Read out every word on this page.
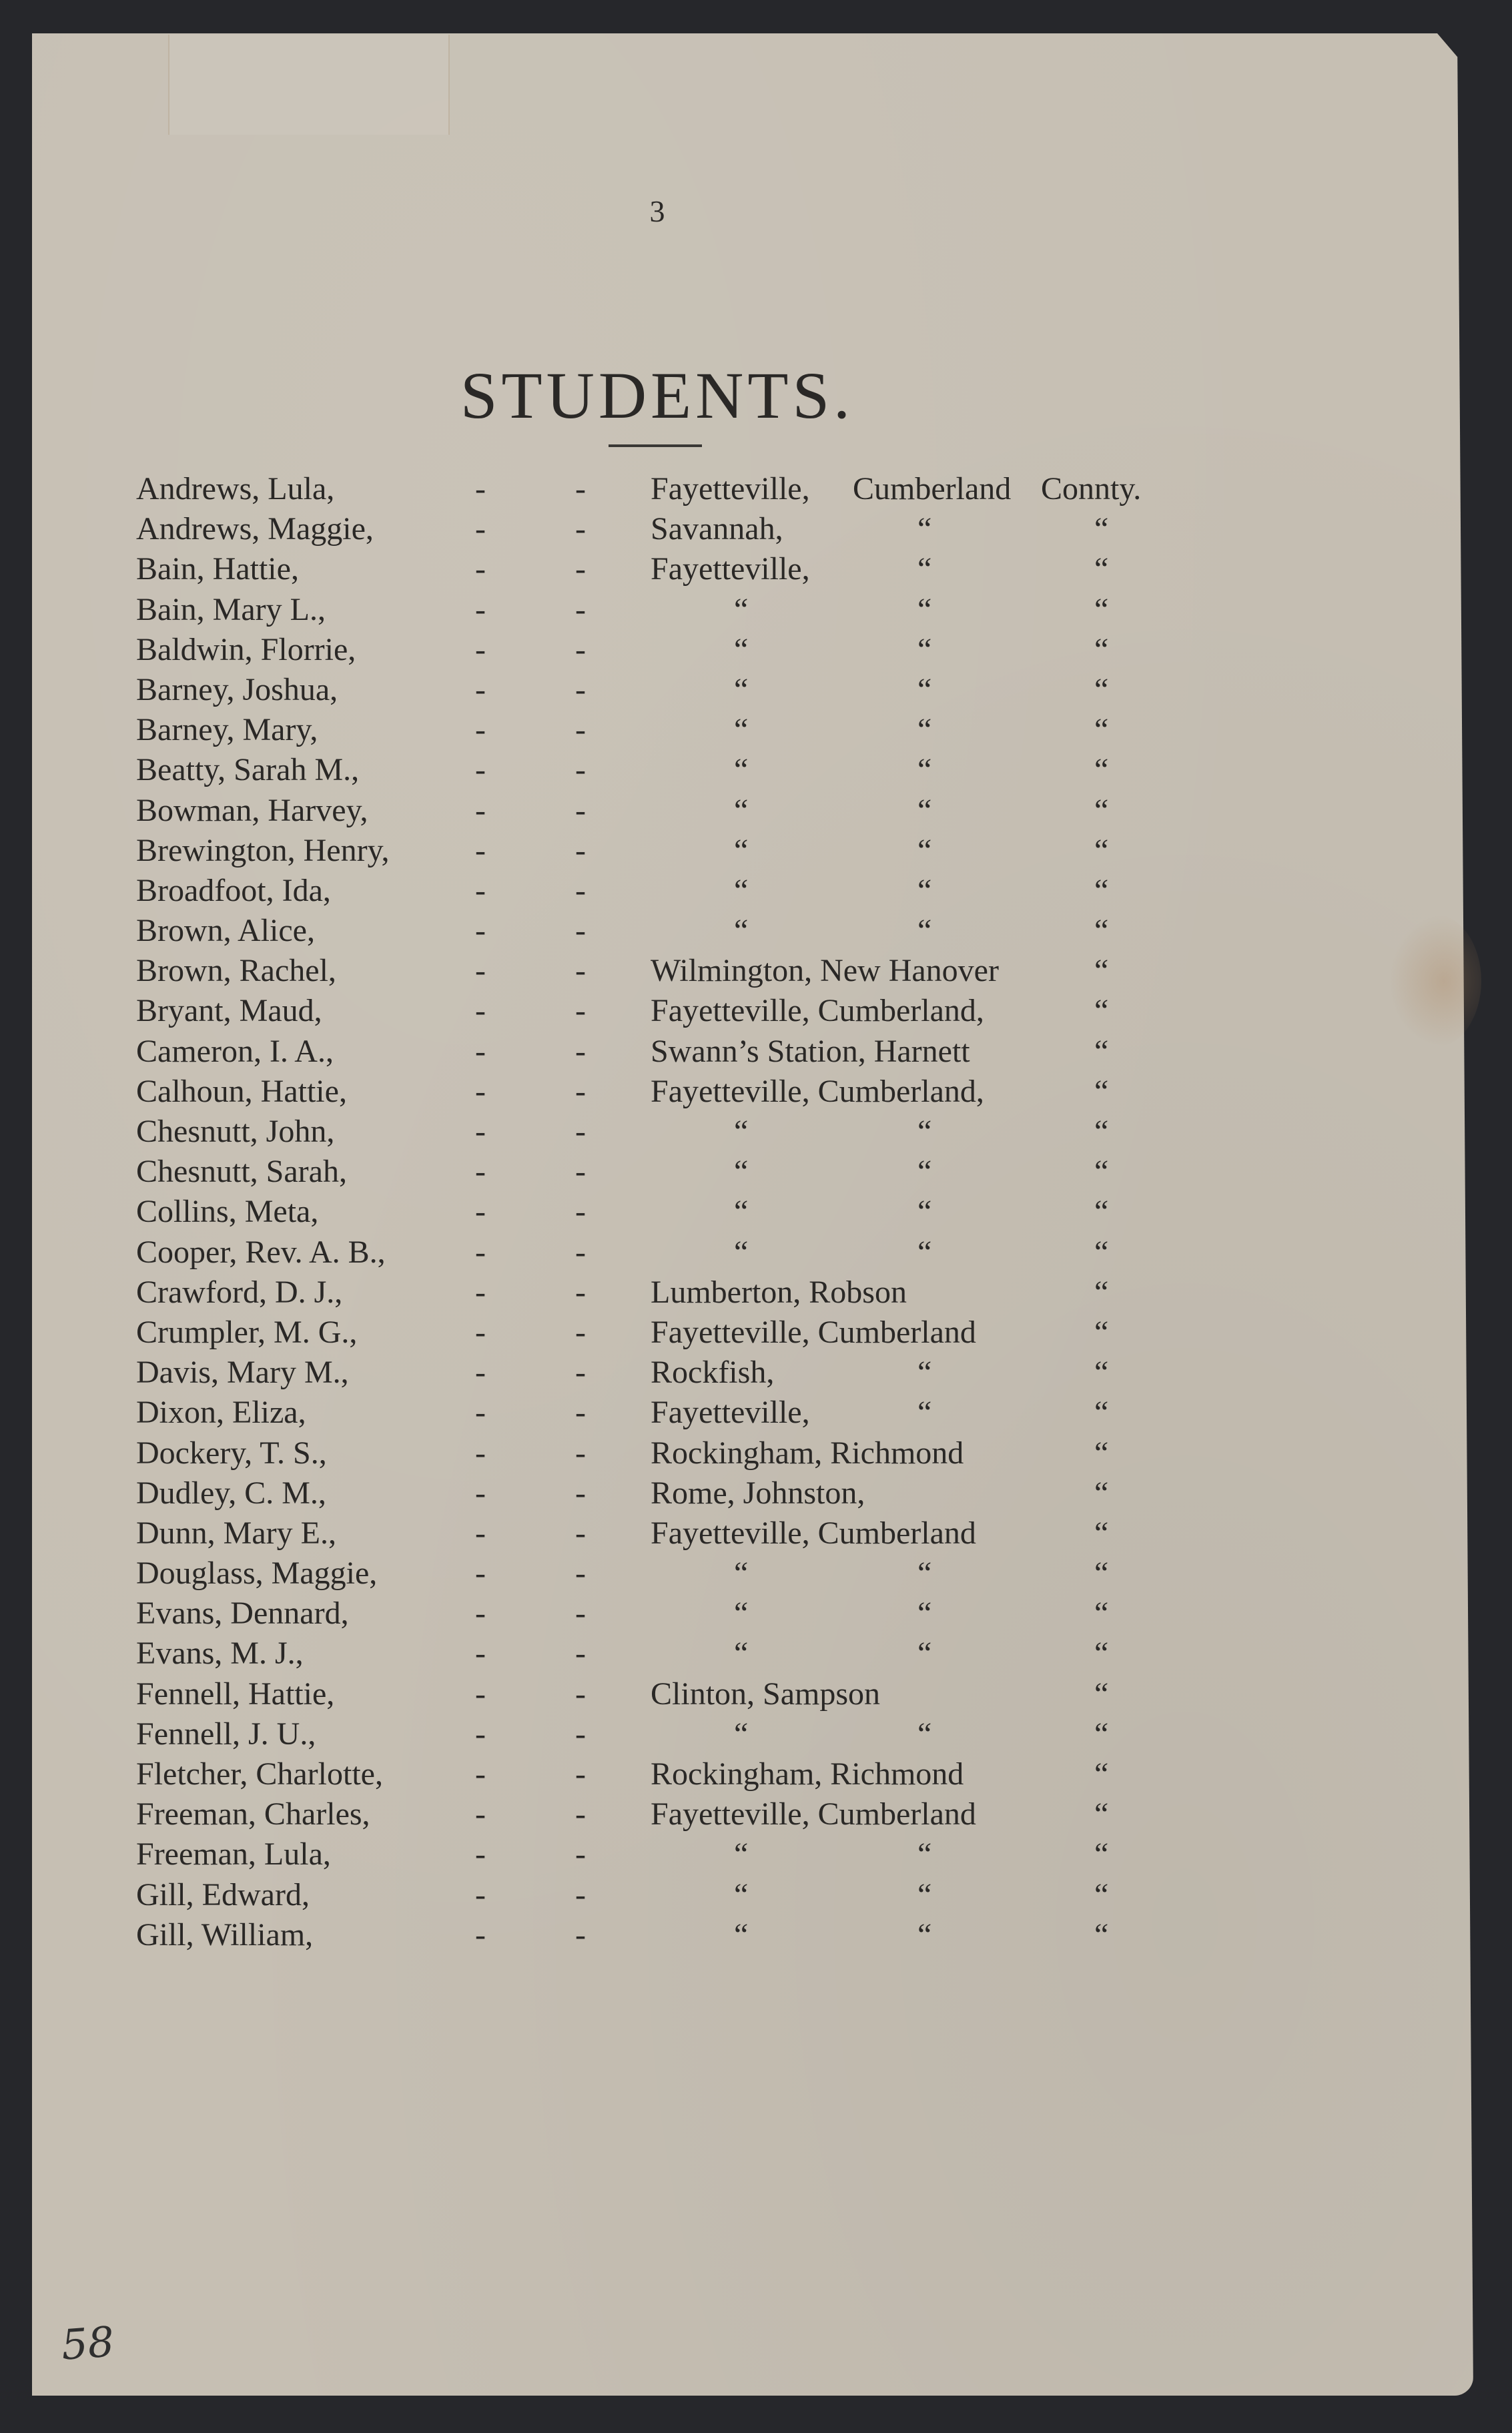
3
STUDENTS.
Andrews, Lula,	-	- Fayetteville, Cumberland Connty.
Andrews, Maggie,	-	- Savannah,	“	“
Bain, Hattie,	-	- Fayetteville,	“	“
Bain, Mary L.,	-	-	“	“	“
Baldwin, Florrie,	-	-	“	“	“
Barney, Joshua,	-	-	“	“	“
Barney, Mary,	-	-	“	“	“
Beatty, Sarah M.,	-	-	“	“	“
Bowman, Harvey,	-	-	“	“	“
Brewington, Henry,	-	-	“	“	“
Broadfoot, Ida,	-	-	“	“	“
Brown, Alice,	-	-	“	“	“
Brown, Rachel,	-	- Wilmington, New Hanover	“
Bryant, Maud,	-	- Fayetteville, Cumberland,	“
Cameron, I. A.,	-	- Swann’s Station, Harnett	“
Calhoun, Hattie,	-	- Fayetteville, Cumberland,	“
Chesnutt, John,	-	-	“	“	“
Chesnutt, Sarah,	-	-	“	“	“
Collins, Meta,	-	-	“	“	“
Cooper, Rev. A. B.,	-	-	“	“	“
Crawford, D. J.,	-	- Lumberton, Robson	“
Crumpler, M. G.,	-	- Fayetteville, Cumberland	“
Davis, Mary M.,	-	- Rockfish,	“	“
Dixon, Eliza,	-	- Fayetteville,	“	“
Dockery, T. S.,	-	- Rockingham, Richmond	“
Dudley, C. M.,	-	- Rome, Johnston,	“
Dunn, Mary E.,	-	- Fayetteville, Cumberland	“
Douglass, Maggie,	-	-	“	“	“
Evans, Dennard,	-	-	“	“	“
Evans, M. J.,	-	-	“	“	“
Fennell, Hattie,	-	- Clinton, Sampson	“
Fennell, J. U.,	-	-	“	“	“
Fletcher, Charlotte,	-	- Rockingham, Richmond	“
Freeman, Charles,	-	- Fayetteville, Cumberland	“
Freeman, Lula,	-	-	“	“	“
Gill, Edward,	-	-	“	“	“
Gill, William,	-	-	“	“	“
58
